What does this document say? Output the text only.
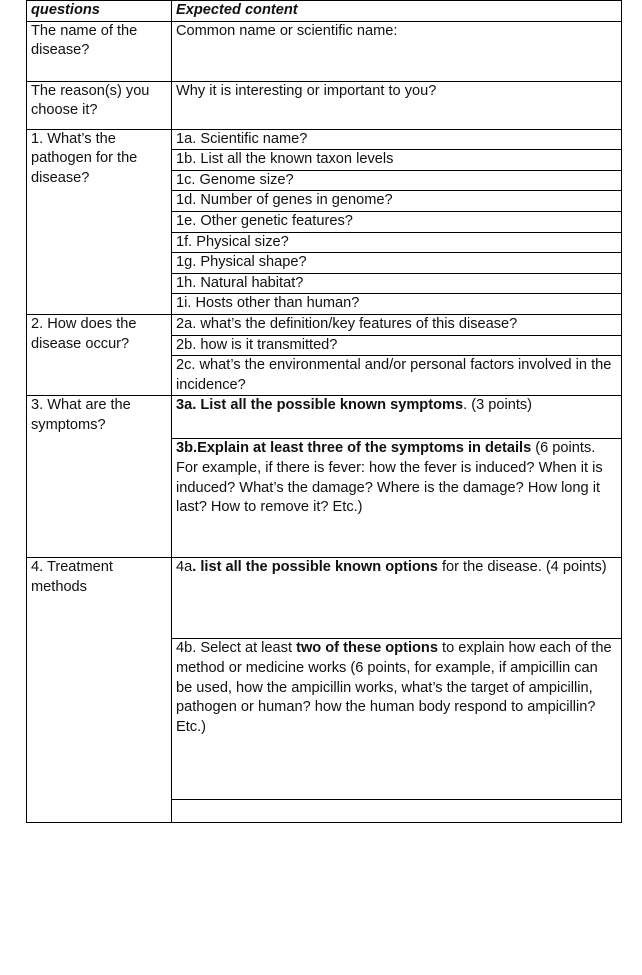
questions	Expected content
The name of the disease?	Common name or scientific name:
The reason(s) you choose it?	Why it is interesting or important to you?
1. What’s the pathogen for the disease?	1a. Scientific name?
	1b. List all the known taxon levels
	1c. Genome size?
	1d. Number of genes in genome?
	1e. Other genetic features?
	1f. Physical size?
	1g. Physical shape?
	1h. Natural habitat?
	1i. Hosts other than human?
2. How does the disease occur?	2a. what’s the definition/key features of this disease?
	2b. how is it transmitted?
	2c. what’s the environmental and/or personal factors involved in the incidence?
3. What are the symptoms?	3a. List all the possible known symptoms. (3 points)
	3b.Explain at least three of the symptoms in details (6 points. For example, if there is fever: how the fever is induced? When it is induced? What’s the damage? Where is the damage? How long it last? How to remove it? Etc.)
4. Treatment methods	4a. list all the possible known options for the disease. (4 points)
	4b. Select at least two of these options to explain how each of the method or medicine works (6 points, for example, if ampicillin can be used, how the ampicillin works, what’s the target of ampicillin, pathogen or human? how the human body respond to ampicillin? Etc.)
